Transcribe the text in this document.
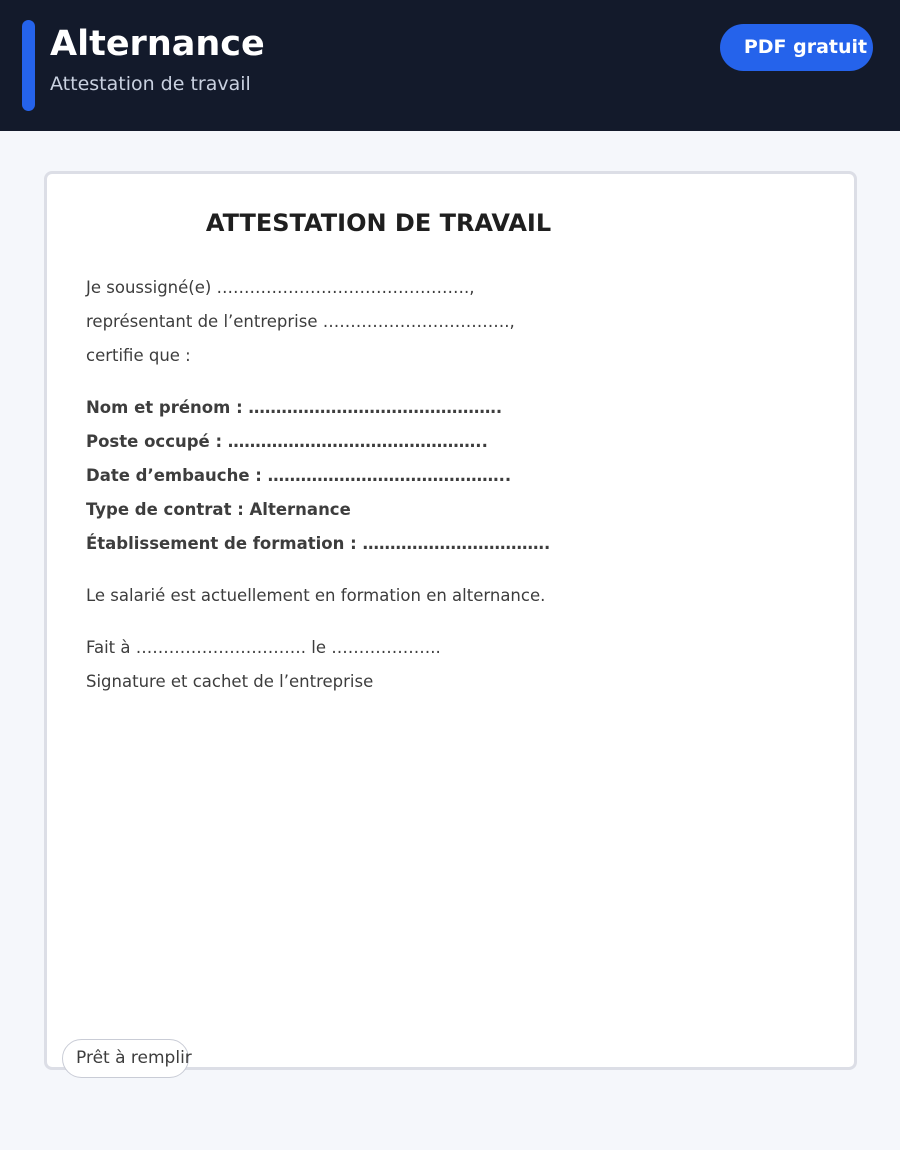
Alternance
Attestation de travail
PDF gratuit
ATTESTATION DE TRAVAIL
Je soussigné(e) ……………………………………….,
représentant de l’entreprise …………………………….,
certifie que :
Nom et prénom : ……………………………………….
Poste occupé : ………………………………………..
Date d’embauche : ……………………………………..
Type de contrat : Alternance
Établissement de formation : …………………………….
Le salarié est actuellement en formation en alternance.
Fait à …………………………. le ………………..
Signature et cachet de l’entreprise
Prêt à remplir
